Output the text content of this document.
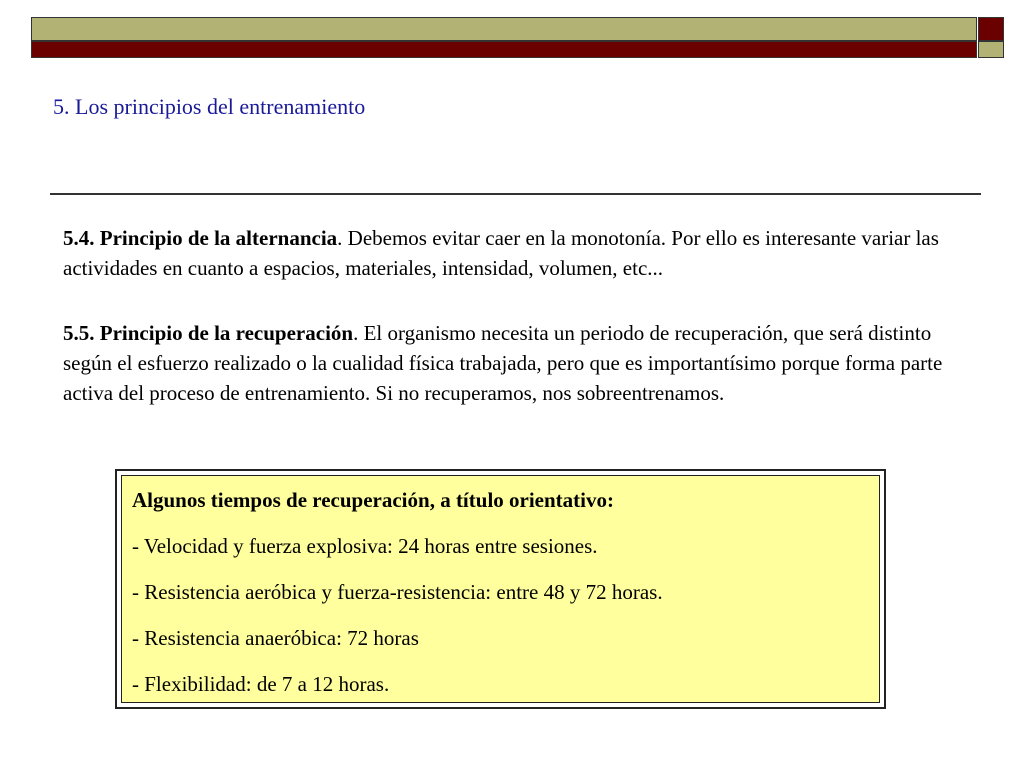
5. Los principios del entrenamiento
5.4. Principio de la alternancia. Debemos evitar caer en la monotonía. Por ello es interesante variar las actividades en cuanto a espacios, materiales, intensidad, volumen, etc...
5.5. Principio de la recuperación. El organismo necesita un periodo de recuperación, que será distinto según el esfuerzo realizado o la cualidad física trabajada, pero que es importantísimo porque forma parte activa del proceso de entrenamiento. Si no recuperamos, nos sobreentrenamos.
Algunos tiempos de recuperación, a título orientativo:
- Velocidad y fuerza explosiva: 24 horas entre sesiones.
- Resistencia aeróbica y fuerza-resistencia: entre 48 y 72 horas.
- Resistencia anaeróbica: 72 horas
- Flexibilidad: de 7 a 12 horas.
